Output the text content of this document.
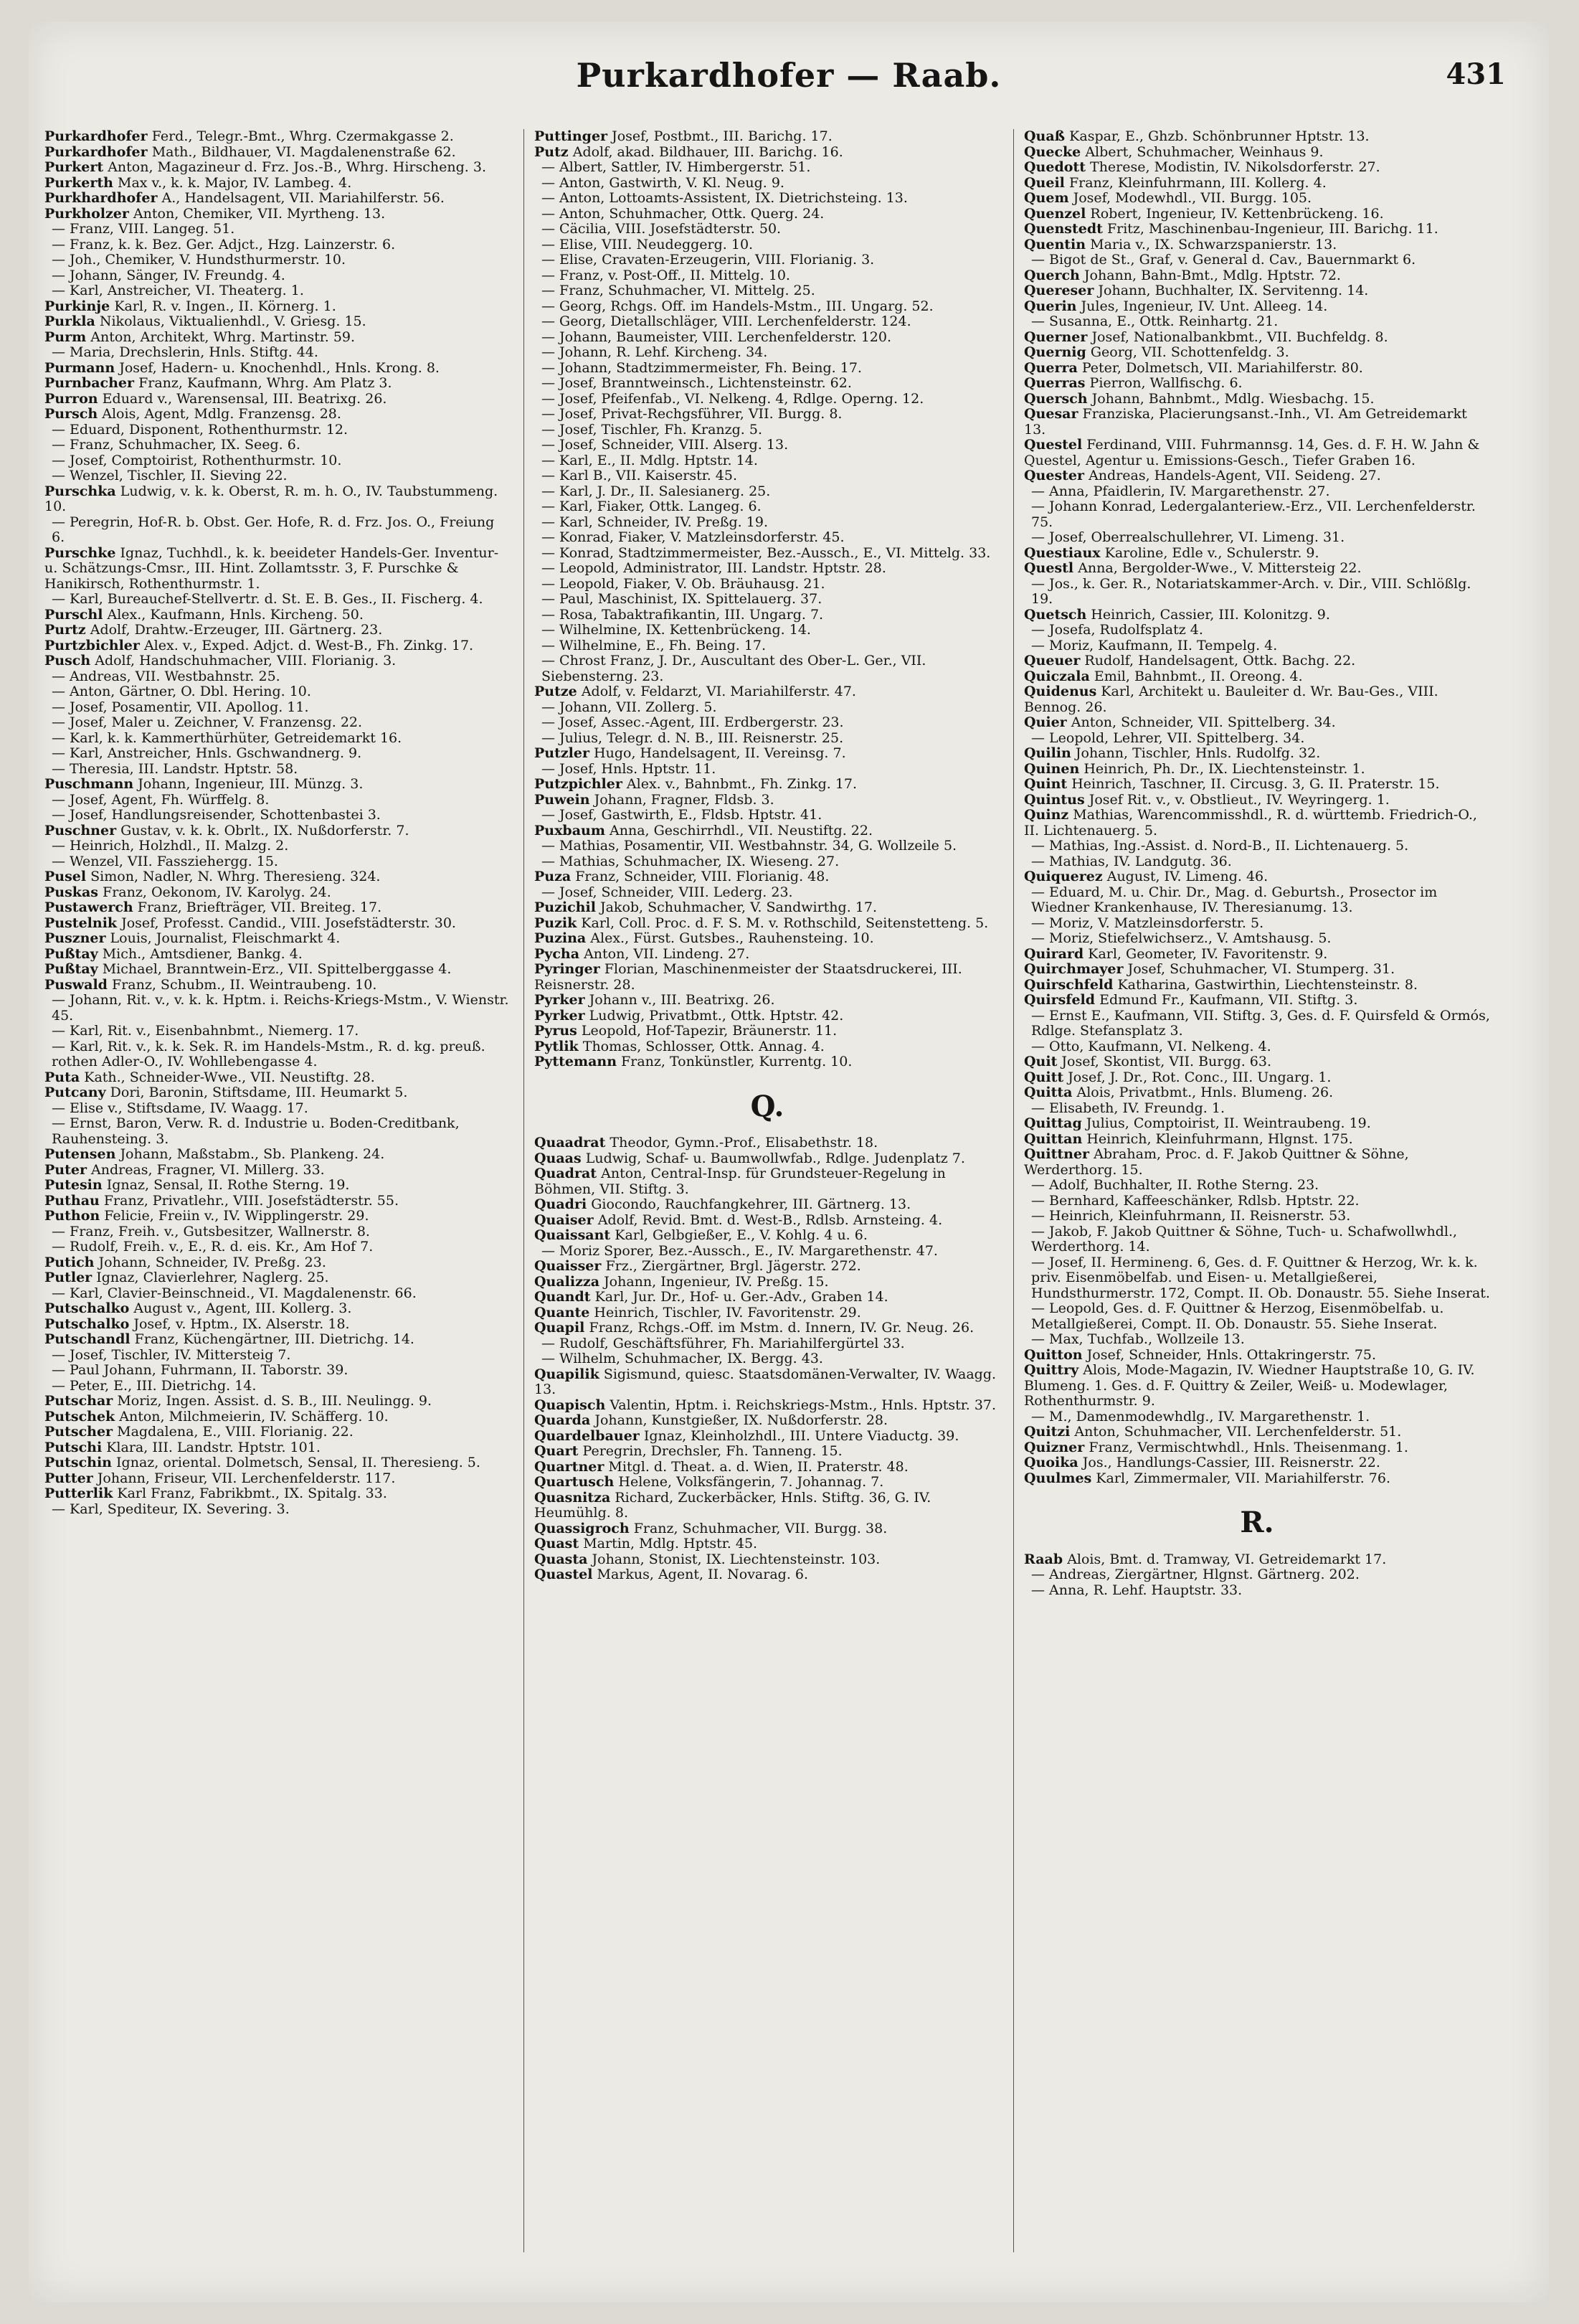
Purkardhofer — Raab.	431
Purkardhofer Ferd., Telegr.-Bmt., Whrg. Czermakgasse 2.
Purkardhofer Math., Bildhauer, VI. Magdalenenstraße 62.
Purkert Anton, Magazineur d. Frz. Jos.-B., Whrg. Hirscheng. 3.
Purkerth Max v., k. k. Major, IV. Lambeg. 4.
Purkhardhofer A., Handelsagent, VII. Mariahilferstr. 56.
Purkholzer Anton, Chemiker, VII. Myrtheng. 13.
— Franz, VIII. Langeg. 51.
— Franz, k. k. Bez. Ger. Adjct., Hzg. Lainzerstr. 6.
— Joh., Chemiker, V. Hundsthurmerstr. 10.
— Johann, Sänger, IV. Freundg. 4.
— Karl, Anstreicher, VI. Theaterg. 1.
Purkinje Karl, R. v. Ingen., II. Körnerg. 1.
Purkla Nikolaus, Viktualienhdl., V. Griesg. 15.
Purm Anton, Architekt, Whrg. Martinstr. 59.
— Maria, Drechslerin, Hnls. Stiftg. 44.
Purmann Josef, Hadern- u. Knochenhdl., Hnls. Krong. 8.
Purnbacher Franz, Kaufmann, Whrg. Am Platz 3.
Purron Eduard v., Warensensal, III. Beatrixg. 26.
Pursch Alois, Agent, Mdlg. Franzensg. 28.
— Eduard, Disponent, Rothenthurmstr. 12.
— Franz, Schuhmacher, IX. Seeg. 6.
— Josef, Comptoirist, Rothenthurmstr. 10.
— Wenzel, Tischler, II. Sieving 22.
Purschka Ludwig, v. k. k. Oberst, R. m. h. O., IV. Taubstummeng. 10.
— Peregrin, Hof-R. b. Obst. Ger. Hofe, R. d. Frz. Jos. O., Freiung 6.
Purschke Ignaz, Tuchhdl., k. k. beeideter Handels-Ger. Inventur- u. Schätzungs-Cmsr., III. Hint. Zollamtsstr. 3, F. Purschke & Hanikirsch, Rothenthurmstr. 1.
— Karl, Bureauchef-Stellvertr. d. St. E. B. Ges., II. Fischerg. 4.
Purschl Alex., Kaufmann, Hnls. Kircheng. 50.
Purtz Adolf, Drahtw.-Erzeuger, III. Gärtnerg. 23.
Purtzbichler Alex. v., Exped. Adjct. d. West-B., Fh. Zinkg. 17.
Pusch Adolf, Handschuhmacher, VIII. Florianig. 3.
— Andreas, VII. Westbahnstr. 25.
— Anton, Gärtner, O. Dbl. Hering. 10.
— Josef, Posamentir, VII. Apollog. 11.
— Josef, Maler u. Zeichner, V. Franzensg. 22.
— Karl, k. k. Kammerthürhüter, Getreidemarkt 16.
— Karl, Anstreicher, Hnls. Gschwandnerg. 9.
— Theresia, III. Landstr. Hptstr. 58.
Puschmann Johann, Ingenieur, III. Münzg. 3.
— Josef, Agent, Fh. Würffelg. 8.
— Josef, Handlungsreisender, Schottenbastei 3.
Puschner Gustav, v. k. k. Obrlt., IX. Nußdorferstr. 7.
— Heinrich, Holzhdl., II. Malzg. 2.
— Wenzel, VII. Fassziehergg. 15.
Pusel Simon, Nadler, N. Whrg. Theresieng. 324.
Puskas Franz, Oekonom, IV. Karolyg. 24.
Pustawerch Franz, Briefträger, VII. Breiteg. 17.
Pustelnik Josef, Professt. Candid., VIII. Josefstädterstr. 30.
Puszner Louis, Journalist, Fleischmarkt 4.
Pußtay Mich., Amtsdiener, Bankg. 4.
Pußtay Michael, Branntwein-Erz., VII. Spittelberggasse 4.
Puswald Franz, Schubm., II. Weintraubeng. 10.
— Johann, Rit. v., v. k. k. Hptm. i. Reichs-Kriegs-Mstm., V. Wienstr. 45.
— Karl, Rit. v., Eisenbahnbmt., Niemerg. 17.
— Karl, Rit. v., k. k. Sek. R. im Handels-Mstm., R. d. kg. preuß. rothen Adler-O., IV. Wohllebengasse 4.
Puta Kath., Schneider-Wwe., VII. Neustiftg. 28.
Putcany Dori, Baronin, Stiftsdame, III. Heumarkt 5.
— Elise v., Stiftsdame, IV. Waagg. 17.
— Ernst, Baron, Verw. R. d. Industrie u. Boden-Creditbank, Rauhensteing. 3.
Putensen Johann, Maßstabm., Sb. Plankeng. 24.
Puter Andreas, Fragner, VI. Millerg. 33.
Putesin Ignaz, Sensal, II. Rothe Sterng. 19.
Puthau Franz, Privatlehr., VIII. Josefstädterstr. 55.
Puthon Felicie, Freiin v., IV. Wipplingerstr. 29.
— Franz, Freih. v., Gutsbesitzer, Wallnerstr. 8.
— Rudolf, Freih. v., E., R. d. eis. Kr., Am Hof 7.
Putich Johann, Schneider, IV. Preßg. 23.
Putler Ignaz, Clavierlehrer, Naglerg. 25.
— Karl, Clavier-Beinschneid., VI. Magdalenenstr. 66.
Putschalko August v., Agent, III. Kollerg. 3.
Putschalko Josef, v. Hptm., IX. Alserstr. 18.
Putschandl Franz, Küchengärtner, III. Dietrichg. 14.
— Josef, Tischler, IV. Mittersteig 7.
— Paul Johann, Fuhrmann, II. Taborstr. 39.
— Peter, E., III. Dietrichg. 14.
Putschar Moriz, Ingen. Assist. d. S. B., III. Neulingg. 9.
Putschek Anton, Milchmeierin, IV. Schäfferg. 10.
Putscher Magdalena, E., VIII. Florianig. 22.
Putschi Klara, III. Landstr. Hptstr. 101.
Putschin Ignaz, oriental. Dolmetsch, Sensal, II. Theresieng. 5.
Putter Johann, Friseur, VII. Lerchenfelderstr. 117.
Putterlik Karl Franz, Fabrikbmt., IX. Spitalg. 33.
— Karl, Spediteur, IX. Severing. 3.
Puttinger Josef, Postbmt., III. Barichg. 17.
Putz Adolf, akad. Bildhauer, III. Barichg. 16.
— Albert, Sattler, IV. Himbergerstr. 51.
— Anton, Gastwirth, V. Kl. Neug. 9.
— Anton, Lottoamts-Assistent, IX. Dietrichsteing. 13.
— Anton, Schuhmacher, Ottk. Querg. 24.
— Cäcilia, VIII. Josefstädterstr. 50.
— Elise, VIII. Neudeggerg. 10.
— Elise, Cravaten-Erzeugerin, VIII. Florianig. 3.
— Franz, v. Post-Off., II. Mittelg. 10.
— Franz, Schuhmacher, VI. Mittelg. 25.
— Georg, Rchgs. Off. im Handels-Mstm., III. Ungarg. 52.
— Georg, Dietallschläger, VIII. Lerchenfelderstr. 124.
— Johann, Baumeister, VIII. Lerchenfelderstr. 120.
— Johann, R. Lehf. Kircheng. 34.
— Johann, Stadtzimmermeister, Fh. Being. 17.
— Josef, Branntweinsch., Lichtensteinstr. 62.
— Josef, Pfeifenfab., VI. Nelkeng. 4, Rdlge. Operng. 12.
— Josef, Privat-Rechgsführer, VII. Burgg. 8.
— Josef, Tischler, Fh. Kranzg. 5.
— Josef, Schneider, VIII. Alserg. 13.
— Karl, E., II. Mdlg. Hptstr. 14.
— Karl B., VII. Kaiserstr. 45.
— Karl, J. Dr., II. Salesianerg. 25.
— Karl, Fiaker, Ottk. Langeg. 6.
— Karl, Schneider, IV. Preßg. 19.
— Konrad, Fiaker, V. Matzleinsdorferstr. 45.
— Konrad, Stadtzimmermeister, Bez.-Aussch., E., VI. Mittelg. 33.
— Leopold, Administrator, III. Landstr. Hptstr. 28.
— Leopold, Fiaker, V. Ob. Bräuhausg. 21.
— Paul, Maschinist, IX. Spittelauerg. 37.
— Rosa, Tabaktrafikantin, III. Ungarg. 7.
— Wilhelmine, IX. Kettenbrückeng. 14.
— Wilhelmine, E., Fh. Being. 17.
— Chrost Franz, J. Dr., Auscultant des Ober-L. Ger., VII. Siebensterng. 23.
Putze Adolf, v. Feldarzt, VI. Mariahilferstr. 47.
— Johann, VII. Zollerg. 5.
— Josef, Assec.-Agent, III. Erdbergerstr. 23.
— Julius, Telegr. d. N. B., III. Reisnerstr. 25.
Putzler Hugo, Handelsagent, II. Vereinsg. 7.
— Josef, Hnls. Hptstr. 11.
Putzpichler Alex. v., Bahnbmt., Fh. Zinkg. 17.
Puwein Johann, Fragner, Fldsb. 3.
— Josef, Gastwirth, E., Fldsb. Hptstr. 41.
Puxbaum Anna, Geschirrhdl., VII. Neustiftg. 22.
— Mathias, Posamentir, VII. Westbahnstr. 34, G. Wollzeile 5.
— Mathias, Schuhmacher, IX. Wieseng. 27.
Puza Franz, Schneider, VIII. Florianig. 48.
— Josef, Schneider, VIII. Lederg. 23.
Puzichil Jakob, Schuhmacher, V. Sandwirthg. 17.
Puzik Karl, Coll. Proc. d. F. S. M. v. Rothschild, Seitenstetteng. 5.
Puzina Alex., Fürst. Gutsbes., Rauhensteing. 10.
Pycha Anton, VII. Lindeng. 27.
Pyringer Florian, Maschinenmeister der Staatsdruckerei, III. Reisnerstr. 28.
Pyrker Johann v., III. Beatrixg. 26.
Pyrker Ludwig, Privatbmt., Ottk. Hptstr. 42.
Pyrus Leopold, Hof-Tapezir, Bräunerstr. 11.
Pytlik Thomas, Schlosser, Ottk. Annag. 4.
Pyttemann Franz, Tonkünstler, Kurrentg. 10.
Q.
Quaadrat Theodor, Gymn.-Prof., Elisabethstr. 18.
Quaas Ludwig, Schaf- u. Baumwollwfab., Rdlge. Judenplatz 7.
Quadrat Anton, Central-Insp. für Grundsteuer-Regelung in Böhmen, VII. Stiftg. 3.
Quadri Giocondo, Rauchfangkehrer, III. Gärtnerg. 13.
Quaiser Adolf, Revid. Bmt. d. West-B., Rdlsb. Arnsteing. 4.
Quaissant Karl, Gelbgießer, E., V. Kohlg. 4 u. 6.
— Moriz Sporer, Bez.-Aussch., E., IV. Margarethenstr. 47.
Quaisser Frz., Ziergärtner, Brgl. Jägerstr. 272.
Qualizza Johann, Ingenieur, IV. Preßg. 15.
Quandt Karl, Jur. Dr., Hof- u. Ger.-Adv., Graben 14.
Quante Heinrich, Tischler, IV. Favoritenstr. 29.
Quapil Franz, Rchgs.-Off. im Mstm. d. Innern, IV. Gr. Neug. 26.
— Rudolf, Geschäftsführer, Fh. Mariahilfergürtel 33.
— Wilhelm, Schuhmacher, IX. Bergg. 43.
Quapilik Sigismund, quiesc. Staatsdomänen-Verwalter, IV. Waagg. 13.
Quapisch Valentin, Hptm. i. Reichskriegs-Mstm., Hnls. Hptstr. 37.
Quarda Johann, Kunstgießer, IX. Nußdorferstr. 28.
Quardelbauer Ignaz, Kleinholzhdl., III. Untere Viaductg. 39.
Quart Peregrin, Drechsler, Fh. Tanneng. 15.
Quartner Mitgl. d. Theat. a. d. Wien, II. Praterstr. 48.
Quartusch Helene, Volksfängerin, 7. Johannag. 7.
Quasnitza Richard, Zuckerbäcker, Hnls. Stiftg. 36, G. IV. Heumühlg. 8.
Quassigroch Franz, Schuhmacher, VII. Burgg. 38.
Quast Martin, Mdlg. Hptstr. 45.
Quasta Johann, Stonist, IX. Liechtensteinstr. 103.
Quastel Markus, Agent, II. Novarag. 6.
Quaß Kaspar, E., Ghzb. Schönbrunner Hptstr. 13.
Quecke Albert, Schuhmacher, Weinhaus 9.
Quedott Therese, Modistin, IV. Nikolsdorferstr. 27.
Queil Franz, Kleinfuhrmann, III. Kollerg. 4.
Quem Josef, Modewhdl., VII. Burgg. 105.
Quenzel Robert, Ingenieur, IV. Kettenbrückeng. 16.
Quenstedt Fritz, Maschinenbau-Ingenieur, III. Barichg. 11.
Quentin Maria v., IX. Schwarzspanierstr. 13.
— Bigot de St., Graf, v. General d. Cav., Bauernmarkt 6.
Querch Johann, Bahn-Bmt., Mdlg. Hptstr. 72.
Quereser Johann, Buchhalter, IX. Servitenng. 14.
Querin Jules, Ingenieur, IV. Unt. Alleeg. 14.
— Susanna, E., Ottk. Reinhartg. 21.
Querner Josef, Nationalbankbmt., VII. Buchfeldg. 8.
Quernig Georg, VII. Schottenfeldg. 3.
Querra Peter, Dolmetsch, VII. Mariahilferstr. 80.
Querras Pierron, Wallfischg. 6.
Quersch Johann, Bahnbmt., Mdlg. Wiesbachg. 15.
Quesar Franziska, Placierungsanst.-Inh., VI. Am Getreidemarkt 13.
Questel Ferdinand, VIII. Fuhrmannsg. 14, Ges. d. F. H. W. Jahn & Questel, Agentur u. Emissions-Gesch., Tiefer Graben 16.
Quester Andreas, Handels-Agent, VII. Seideng. 27.
— Anna, Pfaidlerin, IV. Margarethenstr. 27.
— Johann Konrad, Ledergalanteriew.-Erz., VII. Lerchenfelderstr. 75.
— Josef, Oberrealschullehrer, VI. Limeng. 31.
Questiaux Karoline, Edle v., Schulerstr. 9.
Questl Anna, Bergolder-Wwe., V. Mittersteig 22.
— Jos., k. Ger. R., Notariatskammer-Arch. v. Dir., VIII. Schlößlg. 19.
Quetsch Heinrich, Cassier, III. Kolonitzg. 9.
— Josefa, Rudolfsplatz 4.
— Moriz, Kaufmann, II. Tempelg. 4.
Queuer Rudolf, Handelsagent, Ottk. Bachg. 22.
Quiczala Emil, Bahnbmt., II. Oreong. 4.
Quidenus Karl, Architekt u. Bauleiter d. Wr. Bau-Ges., VIII. Bennog. 26.
Quier Anton, Schneider, VII. Spittelberg. 34.
— Leopold, Lehrer, VII. Spittelberg. 34.
Quilin Johann, Tischler, Hnls. Rudolfg. 32.
Quinen Heinrich, Ph. Dr., IX. Liechtensteinstr. 1.
Quint Heinrich, Taschner, II. Circusg. 3, G. II. Praterstr. 15.
Quintus Josef Rit. v., v. Obstlieut., IV. Weyringerg. 1.
Quinz Mathias, Warencommisshdl., R. d. württemb. Friedrich-O., II. Lichtenauerg. 5.
— Mathias, Ing.-Assist. d. Nord-B., II. Lichtenauerg. 5.
— Mathias, IV. Landgutg. 36.
Quiquerez August, IV. Limeng. 46.
— Eduard, M. u. Chir. Dr., Mag. d. Geburtsh., Prosector im Wiedner Krankenhause, IV. Theresianumg. 13.
— Moriz, V. Matzleinsdorferstr. 5.
— Moriz, Stiefelwichserz., V. Amtshausg. 5.
Quirard Karl, Geometer, IV. Favoritenstr. 9.
Quirchmayer Josef, Schuhmacher, VI. Stumperg. 31.
Quirschfeld Katharina, Gastwirthin, Liechtensteinstr. 8.
Quirsfeld Edmund Fr., Kaufmann, VII. Stiftg. 3.
— Ernst E., Kaufmann, VII. Stiftg. 3, Ges. d. F. Quirsfeld & Ormós, Rdlge. Stefansplatz 3.
— Otto, Kaufmann, VI. Nelkeng. 4.
Quit Josef, Skontist, VII. Burgg. 63.
Quitt Josef, J. Dr., Rot. Conc., III. Ungarg. 1.
Quitta Alois, Privatbmt., Hnls. Blumeng. 26.
— Elisabeth, IV. Freundg. 1.
Quittag Julius, Comptoirist, II. Weintraubeng. 19.
Quittan Heinrich, Kleinfuhrmann, Hlgnst. 175.
Quittner Abraham, Proc. d. F. Jakob Quittner & Söhne, Werderthorg. 15.
— Adolf, Buchhalter, II. Rothe Sterng. 23.
— Bernhard, Kaffeeschänker, Rdlsb. Hptstr. 22.
— Heinrich, Kleinfuhrmann, II. Reisnerstr. 53.
— Jakob, F. Jakob Quittner & Söhne, Tuch- u. Schafwollwhdl., Werderthorg. 14.
— Josef, II. Hermineng. 6, Ges. d. F. Quittner & Herzog, Wr. k. k. priv. Eisenmöbelfab. und Eisen- u. Metallgießerei, Hundsthurmerstr. 172, Compt. II. Ob. Donaustr. 55. Siehe Inserat.
— Leopold, Ges. d. F. Quittner & Herzog, Eisenmöbelfab. u. Metallgießerei, Compt. II. Ob. Donaustr. 55. Siehe Inserat.
— Max, Tuchfab., Wollzeile 13.
Quitton Josef, Schneider, Hnls. Ottakringerstr. 75.
Quittry Alois, Mode-Magazin, IV. Wiedner Hauptstraße 10, G. IV. Blumeng. 1. Ges. d. F. Quittry & Zeiler, Weiß- u. Modewlager, Rothenthurmstr. 9.
— M., Damenmodewhdlg., IV. Margarethenstr. 1.
Quitzi Anton, Schuhmacher, VII. Lerchenfelderstr. 51.
Quizner Franz, Vermischtwhdl., Hnls. Theisenmang. 1.
Quoika Jos., Handlungs-Cassier, III. Reisnerstr. 22.
Quulmes Karl, Zimmermaler, VII. Mariahilferstr. 76.
R.
Raab Alois, Bmt. d. Tramway, VI. Getreidemarkt 17.
— Andreas, Ziergärtner, Hlgnst. Gärtnerg. 202.
— Anna, R. Lehf. Hauptstr. 33.
